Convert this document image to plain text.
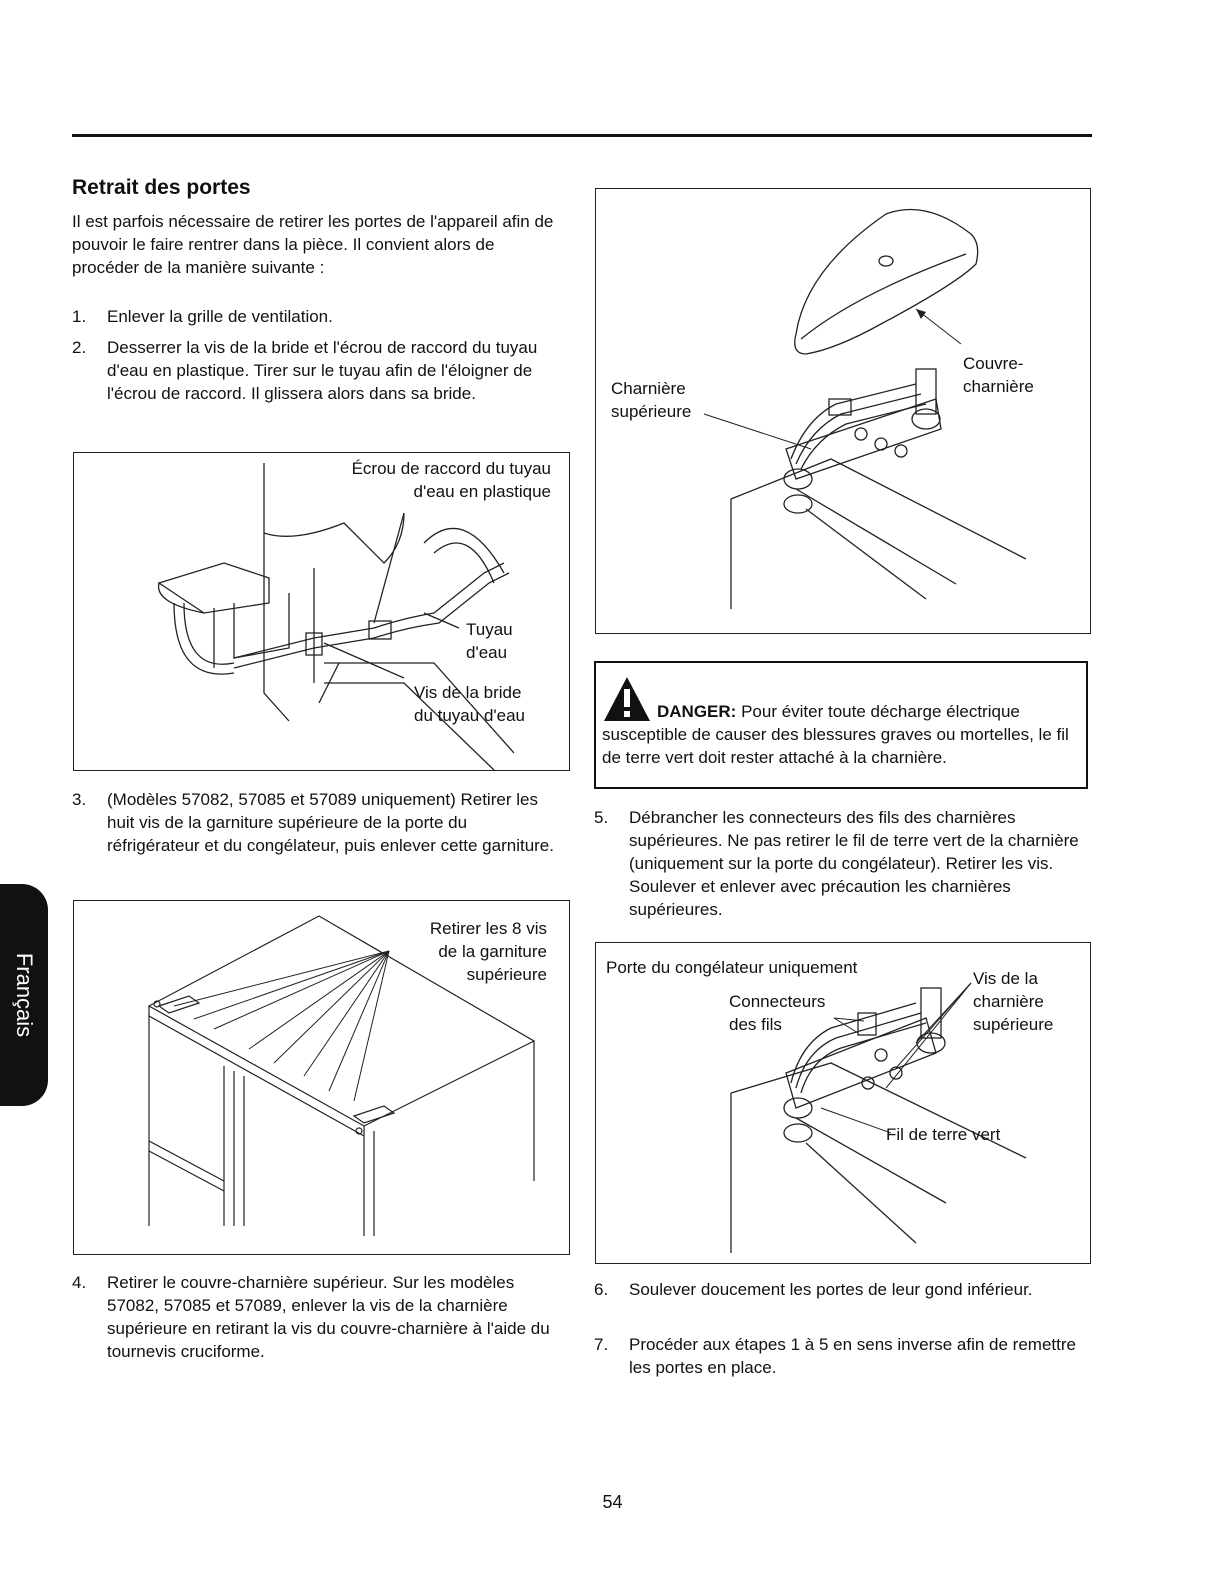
Retrait des portes

Il est parfois nécessaire de retirer les portes de l'appareil afin de pouvoir le faire rentrer dans la pièce. Il convient alors de procéder de la manière suivante :

1. Enlever la grille de ventilation.
2. Desserrer la vis de la bride et l'écrou de raccord du tuyau d'eau en plastique. Tirer sur le tuyau afin de l'éloigner de l'écrou de raccord. Il glissera alors dans sa bride.
Écrou de raccord du tuyau
d'eau en plastique
Tuyau
d'eau
Vis de la bride
du tuyau d'eau
3. (Modèles 57082, 57085 et 57089 uniquement) Retirer les huit vis de la garniture supérieure de la porte du réfrigérateur et du congélateur, puis enlever cette garniture.
Retirer les 8 vis
de la garniture
supérieure
4. Retirer le couvre-charnière supérieur. Sur les modèles 57082, 57085 et 57089, enlever la vis de la charnière supérieure en retirant la vis du couvre-charnière à l'aide du tournevis cruciforme.
Charnière
supérieure
Couvre-
charnière
DANGER: Pour éviter toute décharge électrique susceptible de causer des blessures graves ou mortelles, le fil de terre vert doit rester attaché à la charnière.
5. Débrancher les connecteurs des fils des charnières supérieures. Ne pas retirer le fil de terre vert de la charnière (uniquement sur la porte du congélateur). Retirer les vis. Soulever et enlever avec précaution les charnières supérieures.
Porte du congélateur uniquement
Connecteurs
des fils
Vis de la
charnière
supérieure
Fil de terre vert
6. Soulever doucement les portes de leur gond inférieur.
7. Procéder aux étapes 1 à 5 en sens inverse afin de remettre les portes en place.
Français
54
